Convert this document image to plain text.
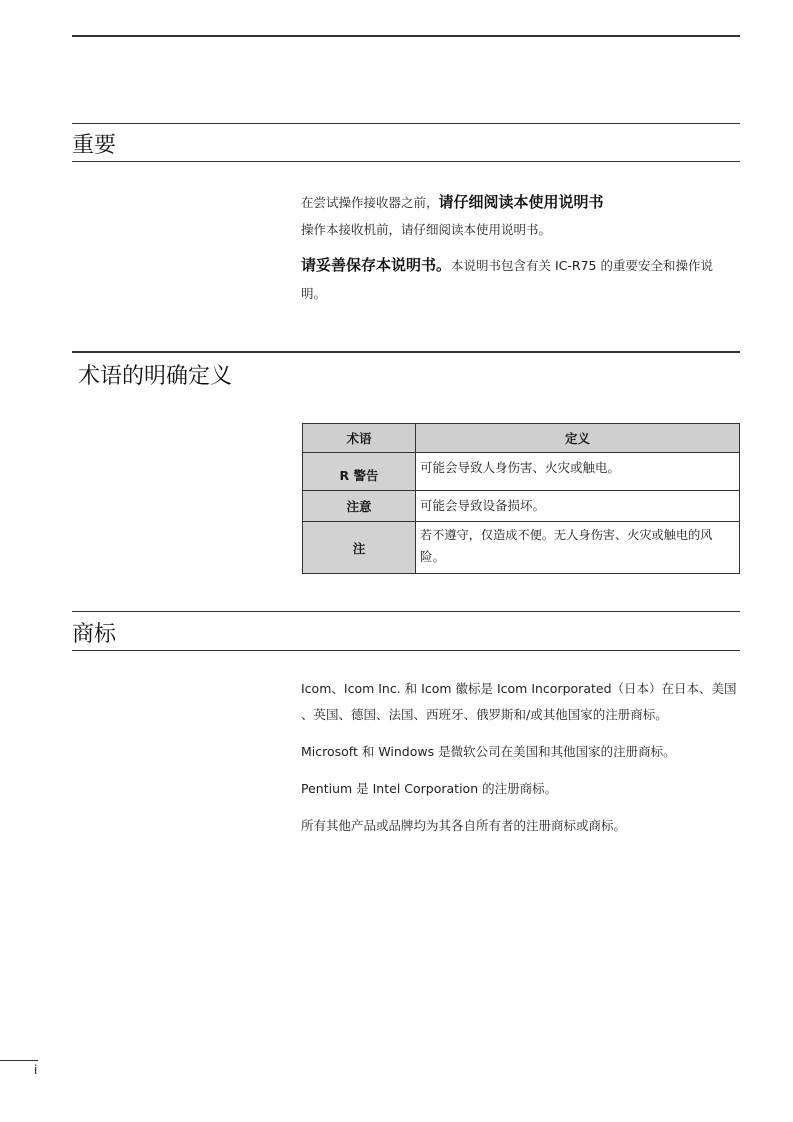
重要

在尝试操作接收器之前，请仔细阅读本使用说明书

操作本接收机前，请仔细阅读本使用说明书。

请妥善保存本说明书。本说明书包含有关 IC-R75 的重要安全和操作说

明。

术语的明确定义
术语	定义
R 警告	可能会导致人身伤害、火灾或触电。

注意	可能会导致设备损坏。

注	若不遵守，仅造成不便。无人身伤害、火灾或触电的风
险。
商标

Icom、Icom Inc. 和 Icom 徽标是 Icom Incorporated（日本）在日本、美国

、英国、德国、法国、西班牙、俄罗斯和/或其他国家的注册商标。

Microsoft 和 Windows 是微软公司在美国和其他国家的注册商标。

Pentium 是 Intel Corporation 的注册商标。

所有其他产品或品牌均为其各自所有者的注册商标或商标。

i
